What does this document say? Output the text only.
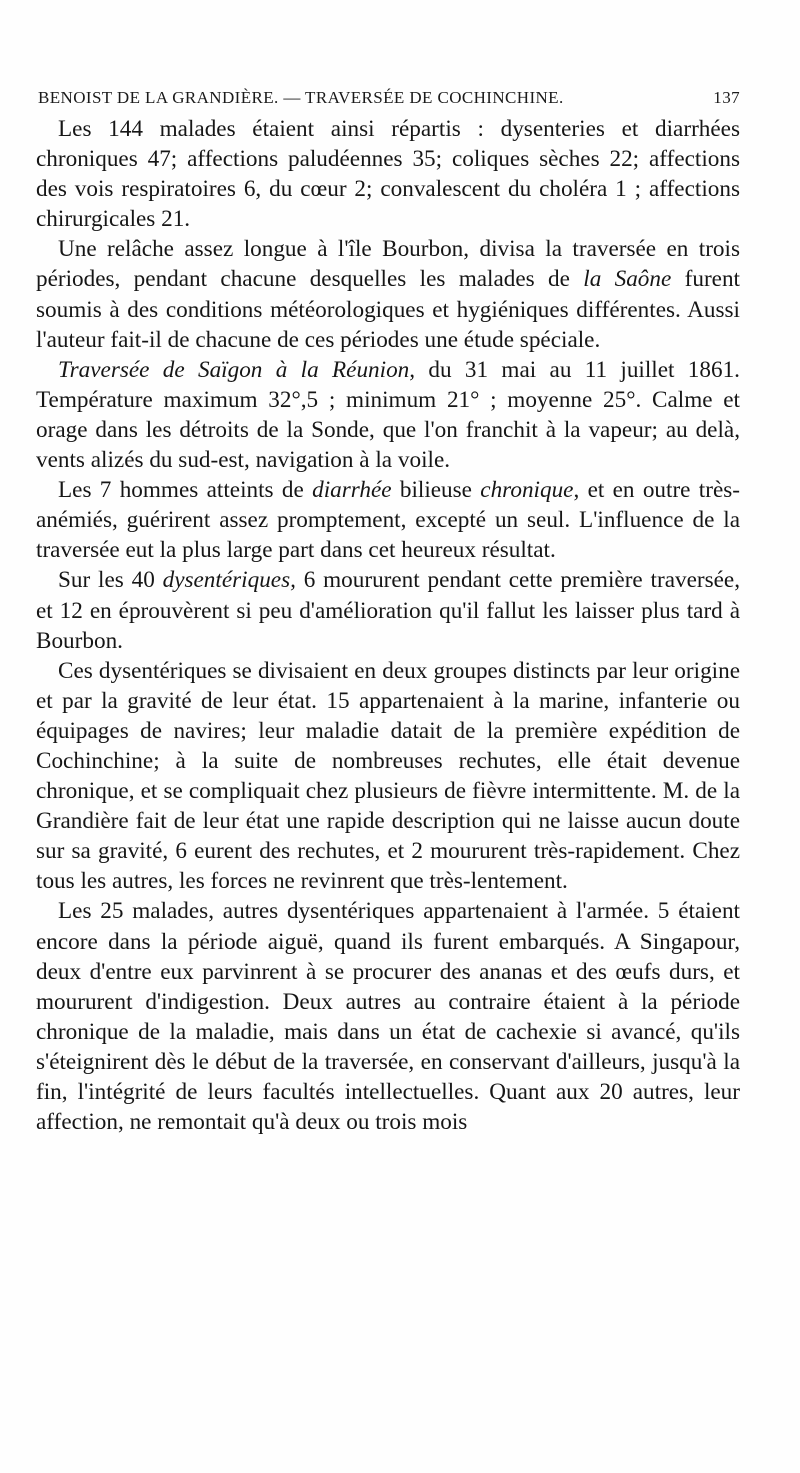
BENOIST DE LA GRANDIÈRE. — TRAVERSÉE DE COCHINCHINE.	137

Les 144 malades étaient ainsi répartis : dysenteries et diarrhées chroniques 47; affections paludéennes 35; coliques sèches 22; affections des vois respiratoires 6, du cœur 2; convalescent du choléra 1 ; affections chirurgicales 21.

Une relâche assez longue à l'île Bourbon, divisa la traversée en trois périodes, pendant chacune desquelles les malades de la Saône furent soumis à des conditions météorologiques et hygiéniques différentes. Aussi l'auteur fait-il de chacune de ces périodes une étude spéciale.

Traversée de Saïgon à la Réunion, du 31 mai au 11 juillet 1861. Température maximum 32°,5 ; minimum 21° ; moyenne 25°. Calme et orage dans les détroits de la Sonde, que l'on franchit à la vapeur; au delà, vents alizés du sud-est, navigation à la voile.

Les 7 hommes atteints de diarrhée bilieuse chronique, et en outre très-anémiés, guérirent assez promptement, excepté un seul. L'influence de la traversée eut la plus large part dans cet heureux résultat.

Sur les 40 dysentériques, 6 moururent pendant cette première traversée, et 12 en éprouvèrent si peu d'amélioration qu'il fallut les laisser plus tard à Bourbon.

Ces dysentériques se divisaient en deux groupes distincts par leur origine et par la gravité de leur état. 15 appartenaient à la marine, infanterie ou équipages de navires; leur maladie datait de la première expédition de Cochinchine; à la suite de nombreuses rechutes, elle était devenue chronique, et se compliquait chez plusieurs de fièvre intermittente. M. de la Grandière fait de leur état une rapide description qui ne laisse aucun doute sur sa gravité, 6 eurent des rechutes, et 2 moururent très-rapidement. Chez tous les autres, les forces ne revinrent que très-lentement.

Les 25 malades, autres dysentériques appartenaient à l'armée. 5 étaient encore dans la période aiguë, quand ils furent embarqués. A Singapour, deux d'entre eux parvinrent à se procurer des ananas et des œufs durs, et moururent d'indigestion. Deux autres au contraire étaient à la période chronique de la maladie, mais dans un état de cachexie si avancé, qu'ils s'éteignirent dès le début de la traversée, en conservant d'ailleurs, jusqu'à la fin, l'intégrité de leurs facultés intellectuelles. Quant aux 20 autres, leur affection, ne remontait qu'à deux ou trois mois
